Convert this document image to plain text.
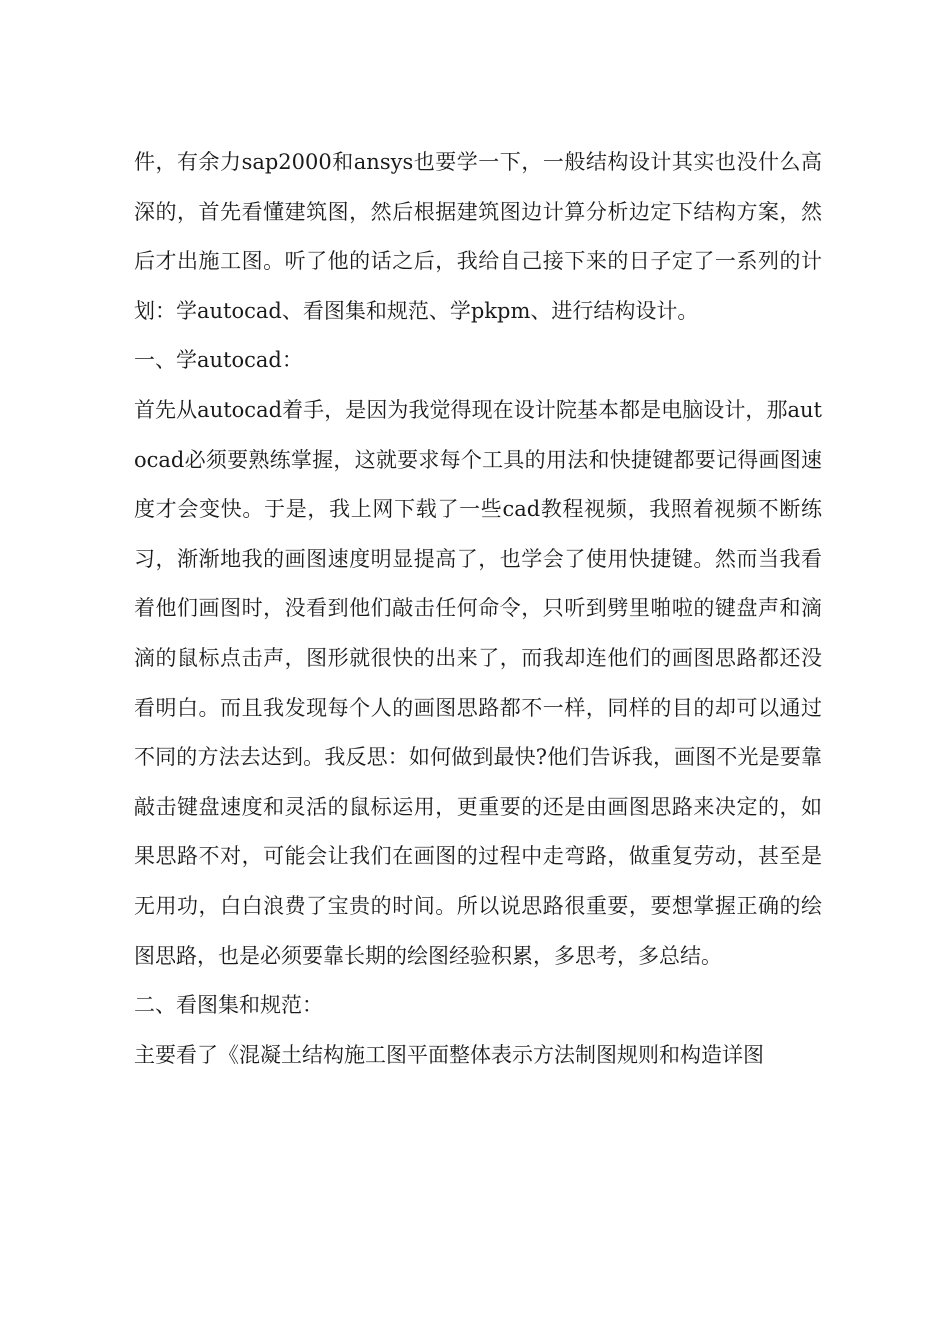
件，有余力sap2000和ansys也要学一下，一般结构设计其实也没什么高深的，首先看懂建筑图，然后根据建筑图边计算分析边定下结构方案，然后才出施工图。听了他的话之后，我给自己接下来的日子定了一系列的计划：学autocad、看图集和规范、学pkpm、进行结构设计。

一、学autocad：

首先从autocad着手，是因为我觉得现在设计院基本都是电脑设计，那autocad必须要熟练掌握，这就要求每个工具的用法和快捷键都要记得画图速度才会变快。于是，我上网下载了一些cad教程视频，我照着视频不断练习，渐渐地我的画图速度明显提高了，也学会了使用快捷键。然而当我看着他们画图时，没看到他们敲击任何命令，只听到劈里啪啦的键盘声和滴滴的鼠标点击声，图形就很快的出来了，而我却连他们的画图思路都还没看明白。而且我发现每个人的画图思路都不一样，同样的目的却可以通过不同的方法去达到。我反思：如何做到最快?他们告诉我，画图不光是要靠敲击键盘速度和灵活的鼠标运用，更重要的还是由画图思路来决定的，如果思路不对，可能会让我们在画图的过程中走弯路，做重复劳动，甚至是无用功，白白浪费了宝贵的时间。所以说思路很重要，要想掌握正确的绘图思路，也是必须要靠长期的绘图经验积累，多思考，多总结。

二、看图集和规范：

主要看了《混凝土结构施工图平面整体表示方法制图规则和构造详图
